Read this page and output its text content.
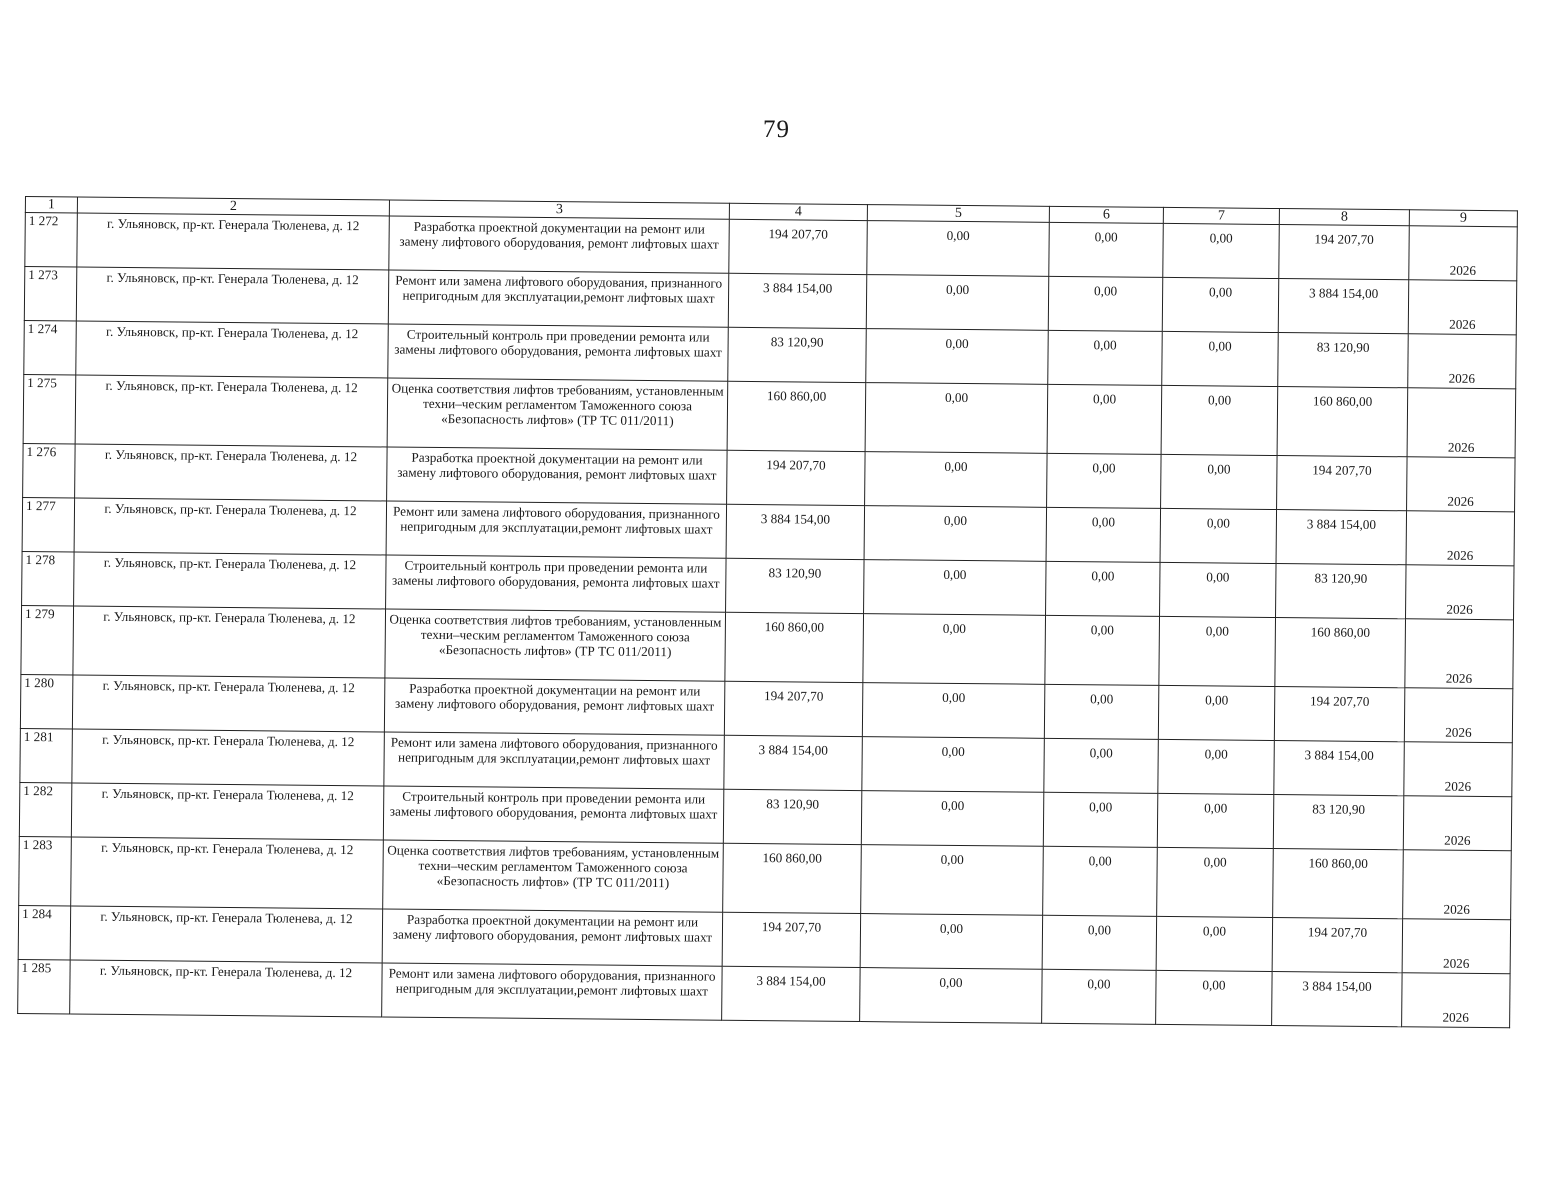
79
1	2	3	4	5	6	7	8	9
1 272	г. Ульяновск, пр-кт. Генерала Тюленева, д. 12	Разработка проектной документации на ремонт или замену лифтового оборудования, ремонт лифтовых шахт	194 207,70	0,00	0,00	0,00	194 207,70	2026
1 273	г. Ульяновск, пр-кт. Генерала Тюленева, д. 12	Ремонт или замена лифтового оборудования, признанного непригодным для эксплуатации,ремонт лифтовых шахт	3 884 154,00	0,00	0,00	0,00	3 884 154,00	2026
1 274	г. Ульяновск, пр-кт. Генерала Тюленева, д. 12	Строительный контроль при проведении ремонта или замены лифтового оборудования, ремонта лифтовых шахт	83 120,90	0,00	0,00	0,00	83 120,90	2026
1 275	г. Ульяновск, пр-кт. Генерала Тюленева, д. 12	Оценка соответствия лифтов требованиям, установленным техни–ческим регламентом Таможенного союза «Безопасность лифтов» (ТР ТС 011/2011)	160 860,00	0,00	0,00	0,00	160 860,00	2026
1 276	г. Ульяновск, пр-кт. Генерала Тюленева, д. 12	Разработка проектной документации на ремонт или замену лифтового оборудования, ремонт лифтовых шахт	194 207,70	0,00	0,00	0,00	194 207,70	2026
1 277	г. Ульяновск, пр-кт. Генерала Тюленева, д. 12	Ремонт или замена лифтового оборудования, признанного непригодным для эксплуатации,ремонт лифтовых шахт	3 884 154,00	0,00	0,00	0,00	3 884 154,00	2026
1 278	г. Ульяновск, пр-кт. Генерала Тюленева, д. 12	Строительный контроль при проведении ремонта или замены лифтового оборудования, ремонта лифтовых шахт	83 120,90	0,00	0,00	0,00	83 120,90	2026
1 279	г. Ульяновск, пр-кт. Генерала Тюленева, д. 12	Оценка соответствия лифтов требованиям, установленным техни–ческим регламентом Таможенного союза «Безопасность лифтов» (ТР ТС 011/2011)	160 860,00	0,00	0,00	0,00	160 860,00	2026
1 280	г. Ульяновск, пр-кт. Генерала Тюленева, д. 12	Разработка проектной документации на ремонт или замену лифтового оборудования, ремонт лифтовых шахт	194 207,70	0,00	0,00	0,00	194 207,70	2026
1 281	г. Ульяновск, пр-кт. Генерала Тюленева, д. 12	Ремонт или замена лифтового оборудования, признанного непригодным для эксплуатации,ремонт лифтовых шахт	3 884 154,00	0,00	0,00	0,00	3 884 154,00	2026
1 282	г. Ульяновск, пр-кт. Генерала Тюленева, д. 12	Строительный контроль при проведении ремонта или замены лифтового оборудования, ремонта лифтовых шахт	83 120,90	0,00	0,00	0,00	83 120,90	2026
1 283	г. Ульяновск, пр-кт. Генерала Тюленева, д. 12	Оценка соответствия лифтов требованиям, установленным техни–ческим регламентом Таможенного союза «Безопасность лифтов» (ТР ТС 011/2011)	160 860,00	0,00	0,00	0,00	160 860,00	2026
1 284	г. Ульяновск, пр-кт. Генерала Тюленева, д. 12	Разработка проектной документации на ремонт или замену лифтового оборудования, ремонт лифтовых шахт	194 207,70	0,00	0,00	0,00	194 207,70	2026
1 285	г. Ульяновск, пр-кт. Генерала Тюленева, д. 12	Ремонт или замена лифтового оборудования, признанного непригодным для эксплуатации,ремонт лифтовых шахт	3 884 154,00	0,00	0,00	0,00	3 884 154,00	2026
